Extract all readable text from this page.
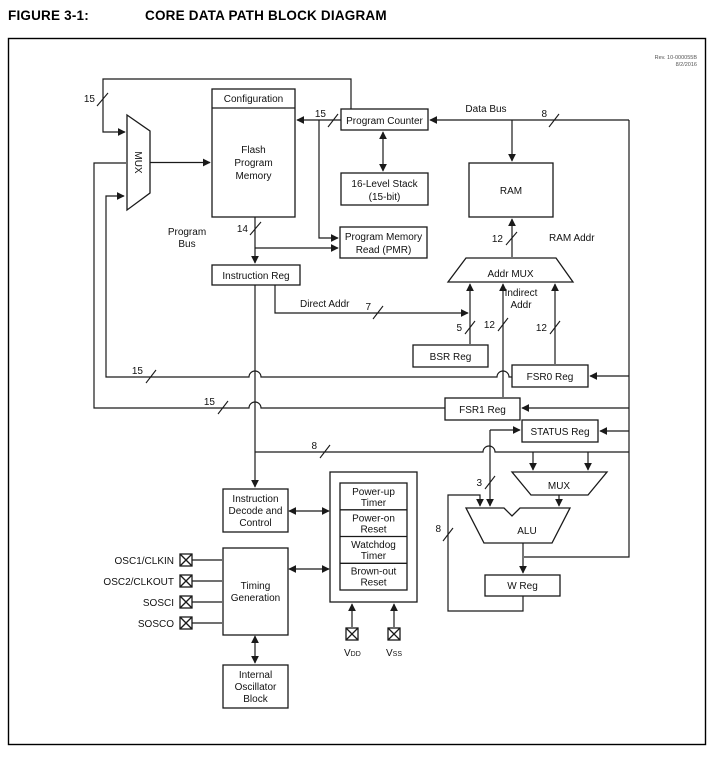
FIGURE 3-1:	CORE DATA PATH BLOCK DIAGRAM
Rev. 10-000055B
8/2/2016
15
15
14
8
12
7
5 12	12
15
15
8
3
8
Configuration
Flash
Program
Memory
MUX
Program Counter
16-Level Stack
(15-bit)
RAM
Program Memory
Read (PMR)
Instruction Reg	Addr MUX
BSR Reg
FSR0 Reg
FSR1 Reg
STATUS Reg
MUX
ALU
W Reg
Instruction
Decode and
Control
Timing
Generation
Power-up
Timer
Power-on
Reset
Watchdog
Timer
Brown-out
Reset
Internal
Oscillator
Block
Program
Bus
Data Bus
RAM Addr
Direct Addr
Indirect
Addr
OSC1/CLKIN
OSC2/CLKOUT
SOSCI
SOSCO
VDD	VSS
